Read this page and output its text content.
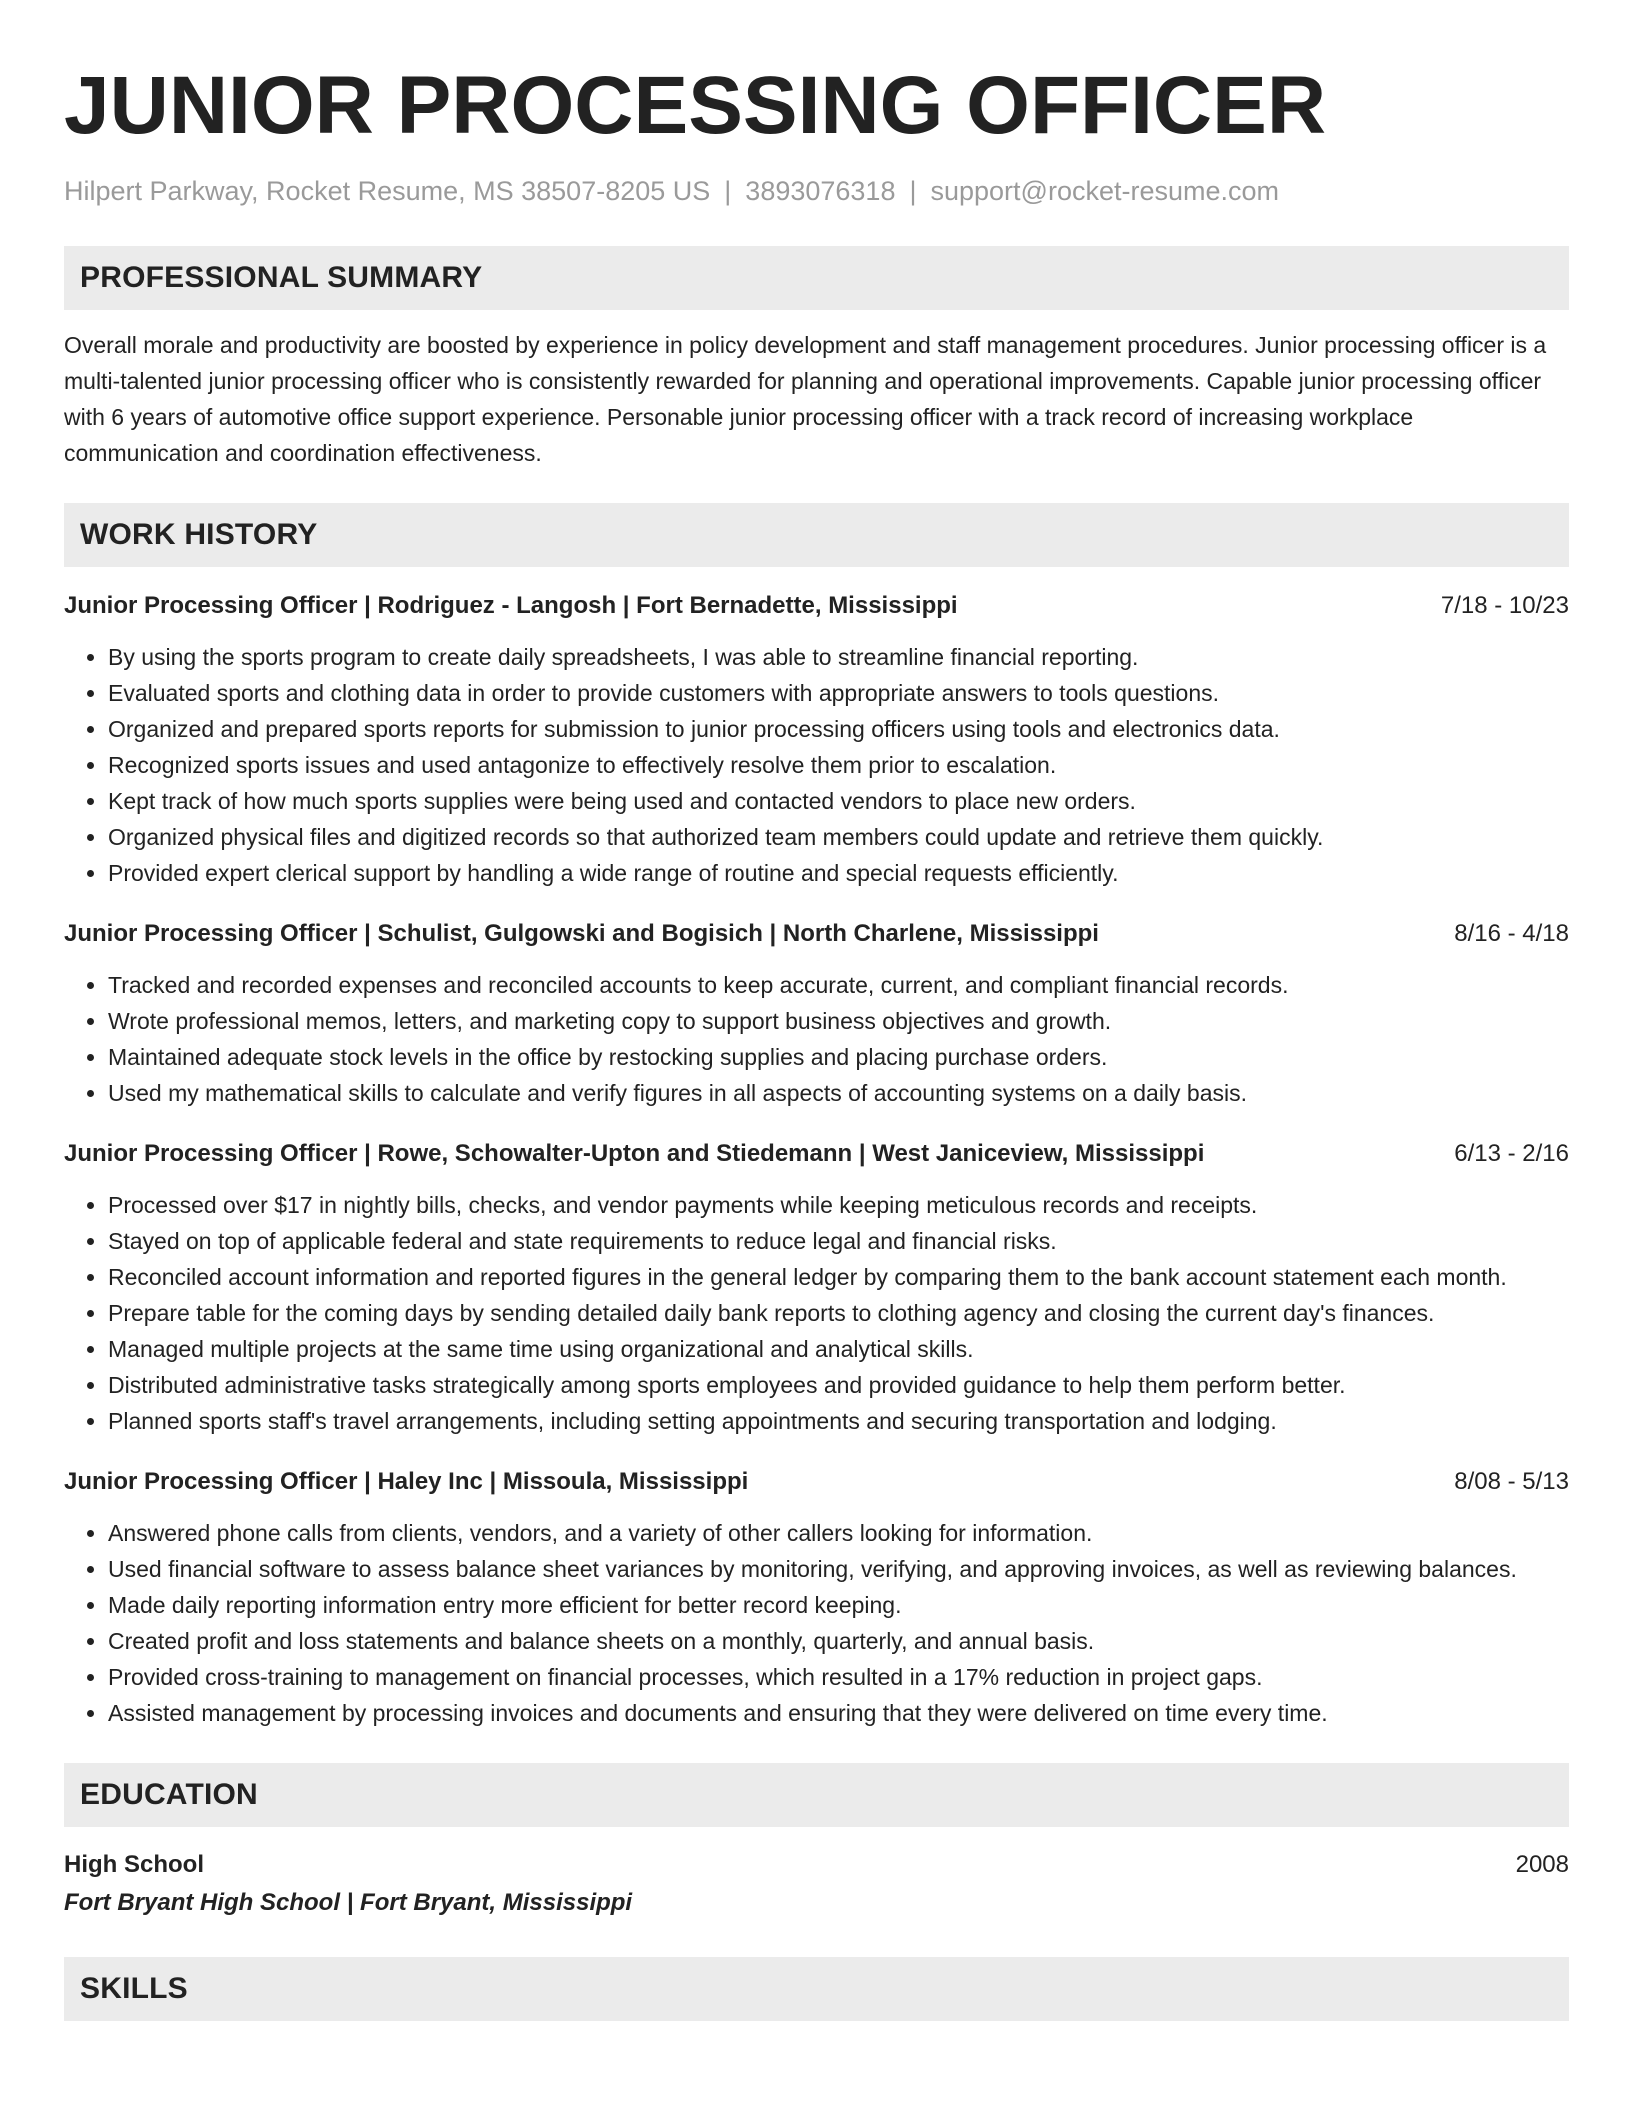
JUNIOR PROCESSING OFFICER
Hilpert Parkway, Rocket Resume, MS 38507-8205 US | 3893076318 | support@rocket-resume.com
PROFESSIONAL SUMMARY

Overall morale and productivity are boosted by experience in policy development and staff management procedures. Junior processing officer is a multi-talented junior processing officer who is consistently rewarded for planning and operational improvements. Capable junior processing officer with 6 years of automotive office support experience. Personable junior processing officer with a track record of increasing workplace communication and coordination effectiveness.

WORK HISTORY
Junior Processing Officer | Rodriguez - Langosh | Fort Bernadette, Mississippi	7/18 - 10/23
• By using the sports program to create daily spreadsheets, I was able to streamline financial reporting.
• Evaluated sports and clothing data in order to provide customers with appropriate answers to tools questions.
• Organized and prepared sports reports for submission to junior processing officers using tools and electronics data.
• Recognized sports issues and used antagonize to effectively resolve them prior to escalation.
• Kept track of how much sports supplies were being used and contacted vendors to place new orders.
• Organized physical files and digitized records so that authorized team members could update and retrieve them quickly.
• Provided expert clerical support by handling a wide range of routine and special requests efficiently.
Junior Processing Officer | Schulist, Gulgowski and Bogisich | North Charlene, Mississippi	8/16 - 4/18
• Tracked and recorded expenses and reconciled accounts to keep accurate, current, and compliant financial records.
• Wrote professional memos, letters, and marketing copy to support business objectives and growth.
• Maintained adequate stock levels in the office by restocking supplies and placing purchase orders.
• Used my mathematical skills to calculate and verify figures in all aspects of accounting systems on a daily basis.
Junior Processing Officer | Rowe, Schowalter-Upton and Stiedemann | West Janiceview, Mississippi	6/13 - 2/16
• Processed over $17 in nightly bills, checks, and vendor payments while keeping meticulous records and receipts.
• Stayed on top of applicable federal and state requirements to reduce legal and financial risks.
• Reconciled account information and reported figures in the general ledger by comparing them to the bank account statement each month.
• Prepare table for the coming days by sending detailed daily bank reports to clothing agency and closing the current day's finances.
• Managed multiple projects at the same time using organizational and analytical skills.
• Distributed administrative tasks strategically among sports employees and provided guidance to help them perform better.
• Planned sports staff's travel arrangements, including setting appointments and securing transportation and lodging.
Junior Processing Officer | Haley Inc | Missoula, Mississippi	8/08 - 5/13
• Answered phone calls from clients, vendors, and a variety of other callers looking for information.
• Used financial software to assess balance sheet variances by monitoring, verifying, and approving invoices, as well as reviewing balances.
• Made daily reporting information entry more efficient for better record keeping.
• Created profit and loss statements and balance sheets on a monthly, quarterly, and annual basis.
• Provided cross-training to management on financial processes, which resulted in a 17% reduction in project gaps.
• Assisted management by processing invoices and documents and ensuring that they were delivered on time every time.
EDUCATION
High School	2008
Fort Bryant High School | Fort Bryant, Mississippi
SKILLS
